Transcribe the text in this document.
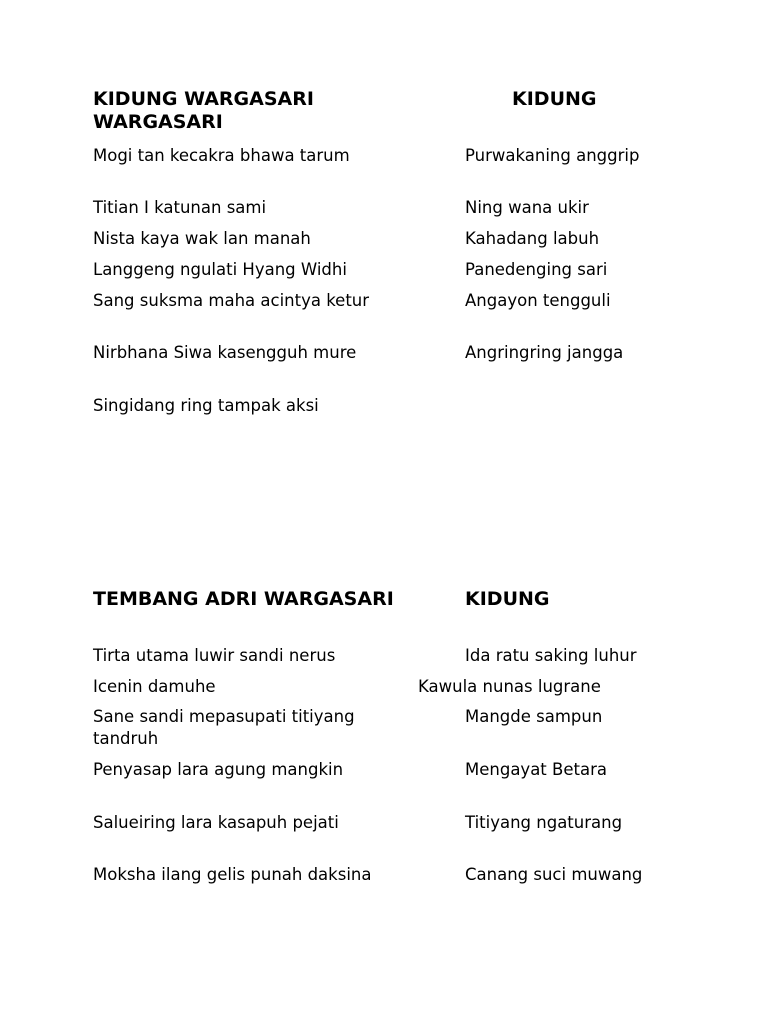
KIDUNG WARGASARI WARGASARI
KIDUNG

Mogi tan kecakra bhawa tarum

Titian I katunan sami

Nista kaya wak lan manah

Langgeng ngulati Hyang Widhi

Sang suksma maha acintya ketur

Nirbhana Siwa kasengguh mure

Singidang ring tampak aksi

Purwakaning anggrip

Ning wana ukir

Kahadang labuh

Panedenging sari

Angayon tengguli

Angringring jangga

TEMBANG ADRI WARGASARI	KIDUNG

Tirta utama luwir sandi nerus

Icenin damuhe

Sane sandi mepasupati titiyang tandruh

Penyasap lara agung mangkin

Salueiring lara kasapuh pejati

Moksha ilang gelis punah daksina

Ida ratu saking luhur

Kawula nunas lugrane

Mangde sampun

Mengayat Betara

Titiyang ngaturang

Canang suci muwang
